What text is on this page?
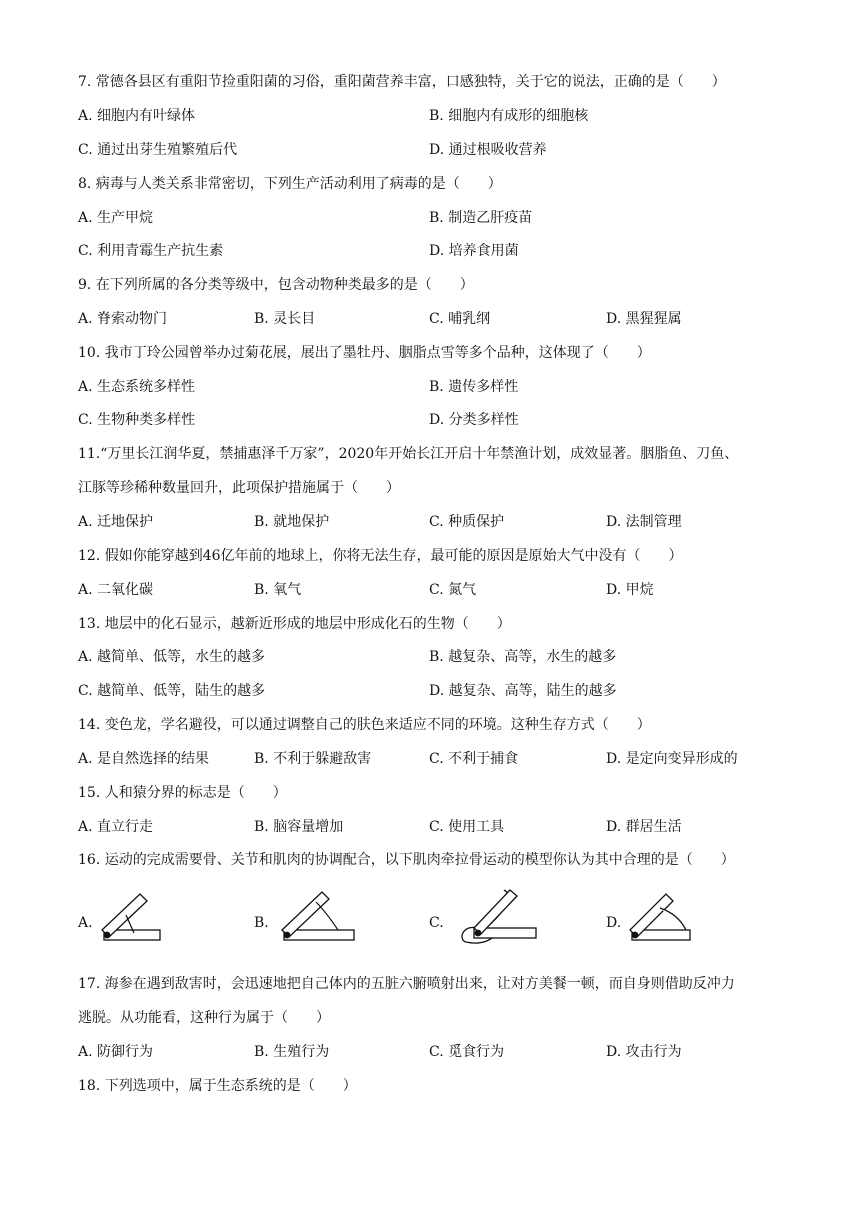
7. 常德各县区有重阳节捡重阳菌的习俗，重阳菌营养丰富，口感独特，关于它的说法，正确的是（　　）
A. 细胞内有叶绿体	B. 细胞内有成形的细胞核
C. 通过出芽生殖繁殖后代	D. 通过根吸收营养
8. 病毒与人类关系非常密切，下列生产活动利用了病毒的是（　　）
A. 生产甲烷	B. 制造乙肝疫苗
C. 利用青霉生产抗生素	D. 培养食用菌
9. 在下列所属的各分类等级中，包含动物种类最多的是（　　）
A. 脊索动物门	B. 灵长目	C. 哺乳纲	D. 黑猩猩属
10. 我市丁玲公园曾举办过菊花展，展出了墨牡丹、胭脂点雪等多个品种，这体现了（　　）
A. 生态系统多样性	B. 遗传多样性
C. 生物种类多样性	D. 分类多样性
11.“万里长江润华夏，禁捕惠泽千万家”，2020年开始长江开启十年禁渔计划，成效显著。胭脂鱼、刀鱼、
江豚等珍稀种数量回升，此项保护措施属于（　　）
A. 迁地保护	B. 就地保护	C. 种质保护	D. 法制管理
12. 假如你能穿越到46亿年前的地球上，你将无法生存，最可能的原因是原始大气中没有（　　）
A. 二氧化碳	B. 氧气	C. 氮气	D. 甲烷
13. 地层中的化石显示，越新近形成的地层中形成化石的生物（　　）
A. 越简单、低等，水生的越多	B. 越复杂、高等，水生的越多
C. 越简单、低等，陆生的越多	D. 越复杂、高等，陆生的越多
14. 变色龙，学名避役，可以通过调整自己的肤色来适应不同的环境。这种生存方式（　　）
A. 是自然选择的结果	B. 不利于躲避敌害	C. 不利于捕食	D. 是定向变异形成的
15. 人和猿分界的标志是（　　）
A. 直立行走	B. 脑容量增加	C. 使用工具	D. 群居生活
16. 运动的完成需要骨、关节和肌肉的协调配合，以下肌肉牵拉骨运动的模型你认为其中合理的是（　　）
A.	B.	C.	D.
17. 海参在遇到敌害时，会迅速地把自己体内的五脏六腑喷射出来，让对方美餐一顿，而自身则借助反冲力
逃脱。从功能看，这种行为属于（　　）
A. 防御行为	B. 生殖行为	C. 觅食行为	D. 攻击行为
18. 下列选项中，属于生态系统的是（　　）
